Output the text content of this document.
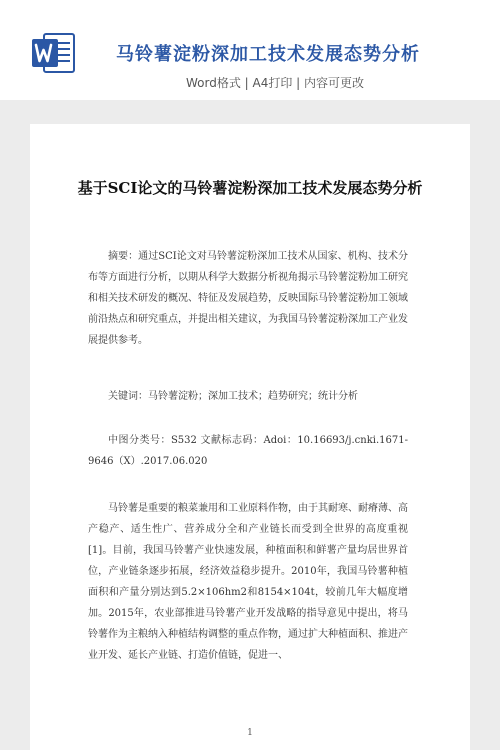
马铃薯淀粉深加工技术发展态势分析
Word格式 | A4打印 | 内容可更改
基于SCI论文的马铃薯淀粉深加工技术发展态势分析
摘要：通过SCI论文对马铃薯淀粉深加工技术从国家、机构、技术分布等方面进行分析，以期从科学大数据分析视角揭示马铃薯淀粉加工研究和相关技术研发的概况、特征及发展趋势，反映国际马铃薯淀粉加工领域前沿热点和研究重点，并提出相关建议，为我国马铃薯淀粉深加工产业发展提供参考。
关键词：马铃薯淀粉；深加工技术；趋势研究；统计分析
中图分类号：S532 文献标志码：Adoi：10.16693/j.cnki.1671-9646（X）.2017.06.020
马铃薯是重要的粮菜兼用和工业原料作物，由于其耐寒、耐瘠薄、高产稳产、适生性广、营养成分全和产业链长而受到全世界的高度重视[1]。目前，我国马铃薯产业快速发展，种植面积和鲜薯产量均居世界首位，产业链条逐步拓展，经济效益稳步提升。2010年，我国马铃薯种植面积和产量分别达到5.2×106hm2和8154×104t，较前几年大幅度增加。2015年，农业部推进马铃薯产业开发战略的指导意见中提出，将马铃薯作为主粮纳入种植结构调整的重点作物，通过扩大种植面积、推进产业开发、延长产业链、打造价值链，促进一、
1
